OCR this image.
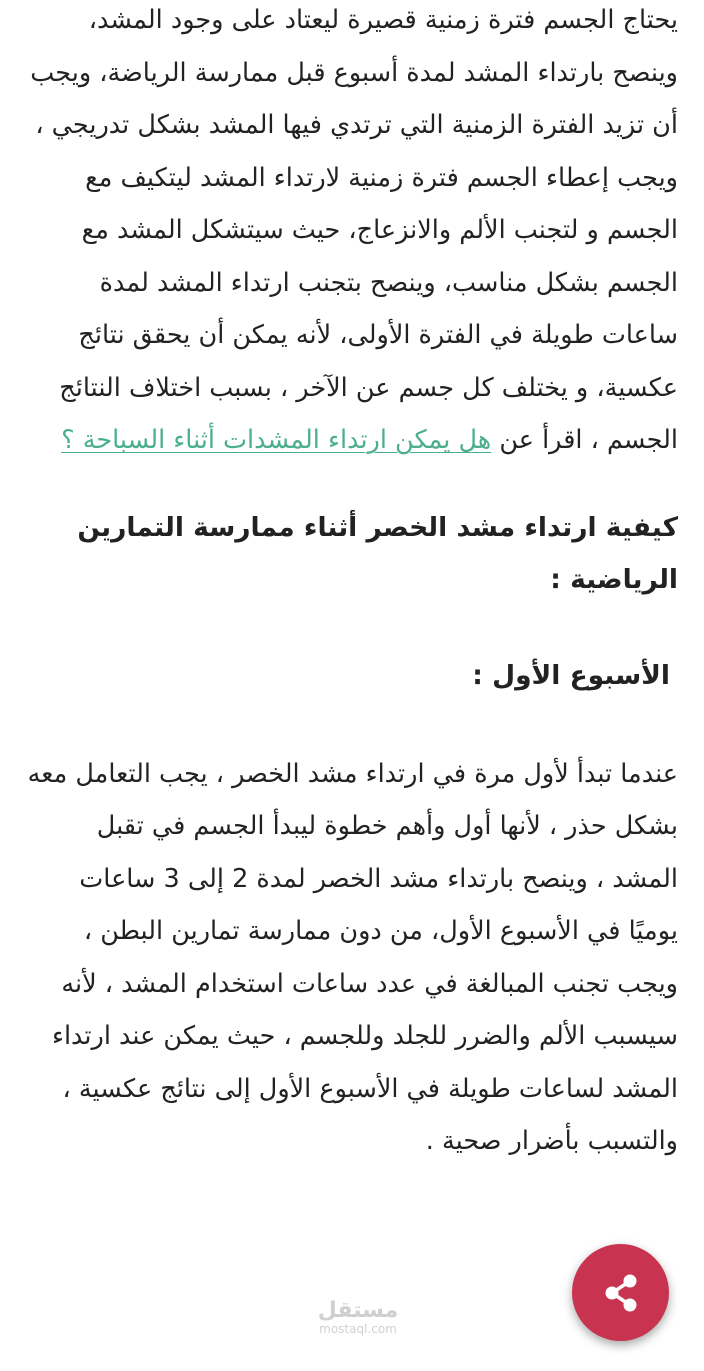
يحتاج الجسم فترة زمنية قصيرة ليعتاد على وجود المشد، وينصح بارتداء المشد لمدة أسبوع قبل ممارسة الرياضة، ويجب أن تزيد الفترة الزمنية التي ترتدي فيها المشد بشكل تدريجي ، ويجب إعطاء الجسم فترة زمنية لارتداء المشد ليتكيف مع الجسم و لتجنب الألم والانزعاج، حيث سيتشكل المشد مع الجسم بشكل مناسب، وينصح بتجنب ارتداء المشد لمدة ساعات طويلة في الفترة الأولى، لأنه يمكن أن يحقق نتائج عكسية، و يختلف كل جسم عن الآخر ، بسبب اختلاف النتائج الجسم ، اقرأ عن هل يمكن ارتداء المشدات أثناء السباحة ؟

كيفية ارتداء مشد الخصر أثناء ممارسة التمارين الرياضية :
الأسبوع الأول :

عندما تبدأ لأول مرة في ارتداء مشد الخصر ، يجب التعامل معه بشكل حذر ، لأنها أول وأهم خطوة ليبدأ الجسم في تقبل المشد ، وينصح بارتداء مشد الخصر لمدة 2 إلى 3 ساعات يوميًا في الأسبوع الأول، من دون ممارسة تمارين البطن ، ويجب تجنب المبالغة في عدد ساعات استخدام المشد ، لأنه سيسبب الألم والضرر للجلد وللجسم ، حيث يمكن عند ارتداء المشد لساعات طويلة في الأسبوع الأول إلى نتائج عكسية ، والتسبب بأضرار صحية .

مستقل
mostaql.com
